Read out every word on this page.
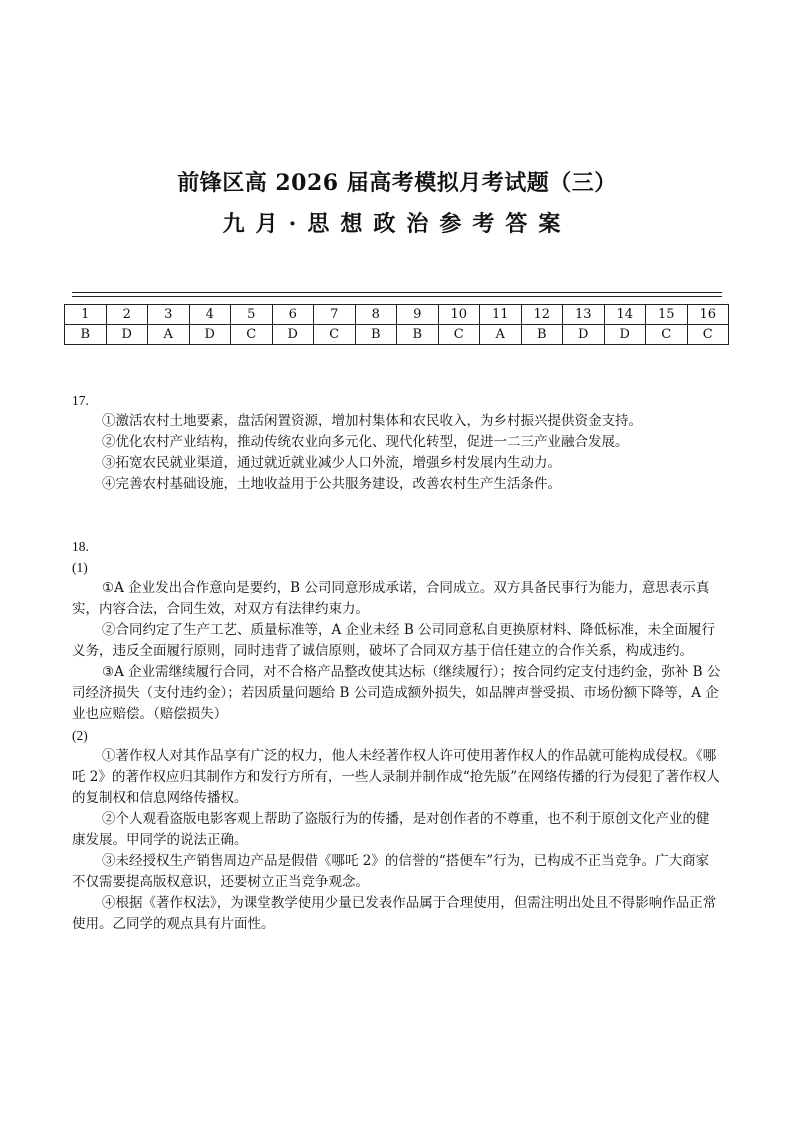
前锋区高 2026 届高考模拟月考试题（三）
九月·思想政治参考答案
1	2	3	4	5	6	7	8	9	10	11	12	13	14	15	16
B	D	A	D	C	D	C	B	B	C	A	B	D	D	C	C

17.

①激活农村土地要素，盘活闲置资源，增加村集体和农民收入，为乡村振兴提供资金支持。

②优化农村产业结构，推动传统农业向多元化、现代化转型，促进一二三产业融合发展。

③拓宽农民就业渠道，通过就近就业减少人口外流，增强乡村发展内生动力。

④完善农村基础设施，土地收益用于公共服务建设，改善农村生产生活条件。

18.

(1)

①A 企业发出合作意向是要约，B 公司同意形成承诺，合同成立。双方具备民事行为能力，意思表示真实，内容合法，合同生效，对双方有法律约束力。

②合同约定了生产工艺、质量标准等，A 企业未经 B 公司同意私自更换原材料、降低标准，未全面履行义务，违反全面履行原则，同时违背了诚信原则，破坏了合同双方基于信任建立的合作关系，构成违约。

③A 企业需继续履行合同，对不合格产品整改使其达标（继续履行）；按合同约定支付违约金，弥补 B 公司经济损失（支付违约金）；若因质量问题给 B 公司造成额外损失，如品牌声誉受损、市场份额下降等，A 企业也应赔偿。（赔偿损失）

(2)

①著作权人对其作品享有广泛的权力，他人未经著作权人许可使用著作权人的作品就可能构成侵权。《哪吒 2》的著作权应归其制作方和发行方所有，一些人录制并制作成“抢先版”在网络传播的行为侵犯了著作权人的复制权和信息网络传播权。

②个人观看盗版电影客观上帮助了盗版行为的传播，是对创作者的不尊重，也不利于原创文化产业的健康发展。甲同学的说法正确。

③未经授权生产销售周边产品是假借《哪吒 2》的信誉的“搭便车”行为，已构成不正当竞争。广大商家不仅需要提高版权意识，还要树立正当竞争观念。

④根据《著作权法》，为课堂教学使用少量已发表作品属于合理使用，但需注明出处且不得影响作品正常使用。乙同学的观点具有片面性。
